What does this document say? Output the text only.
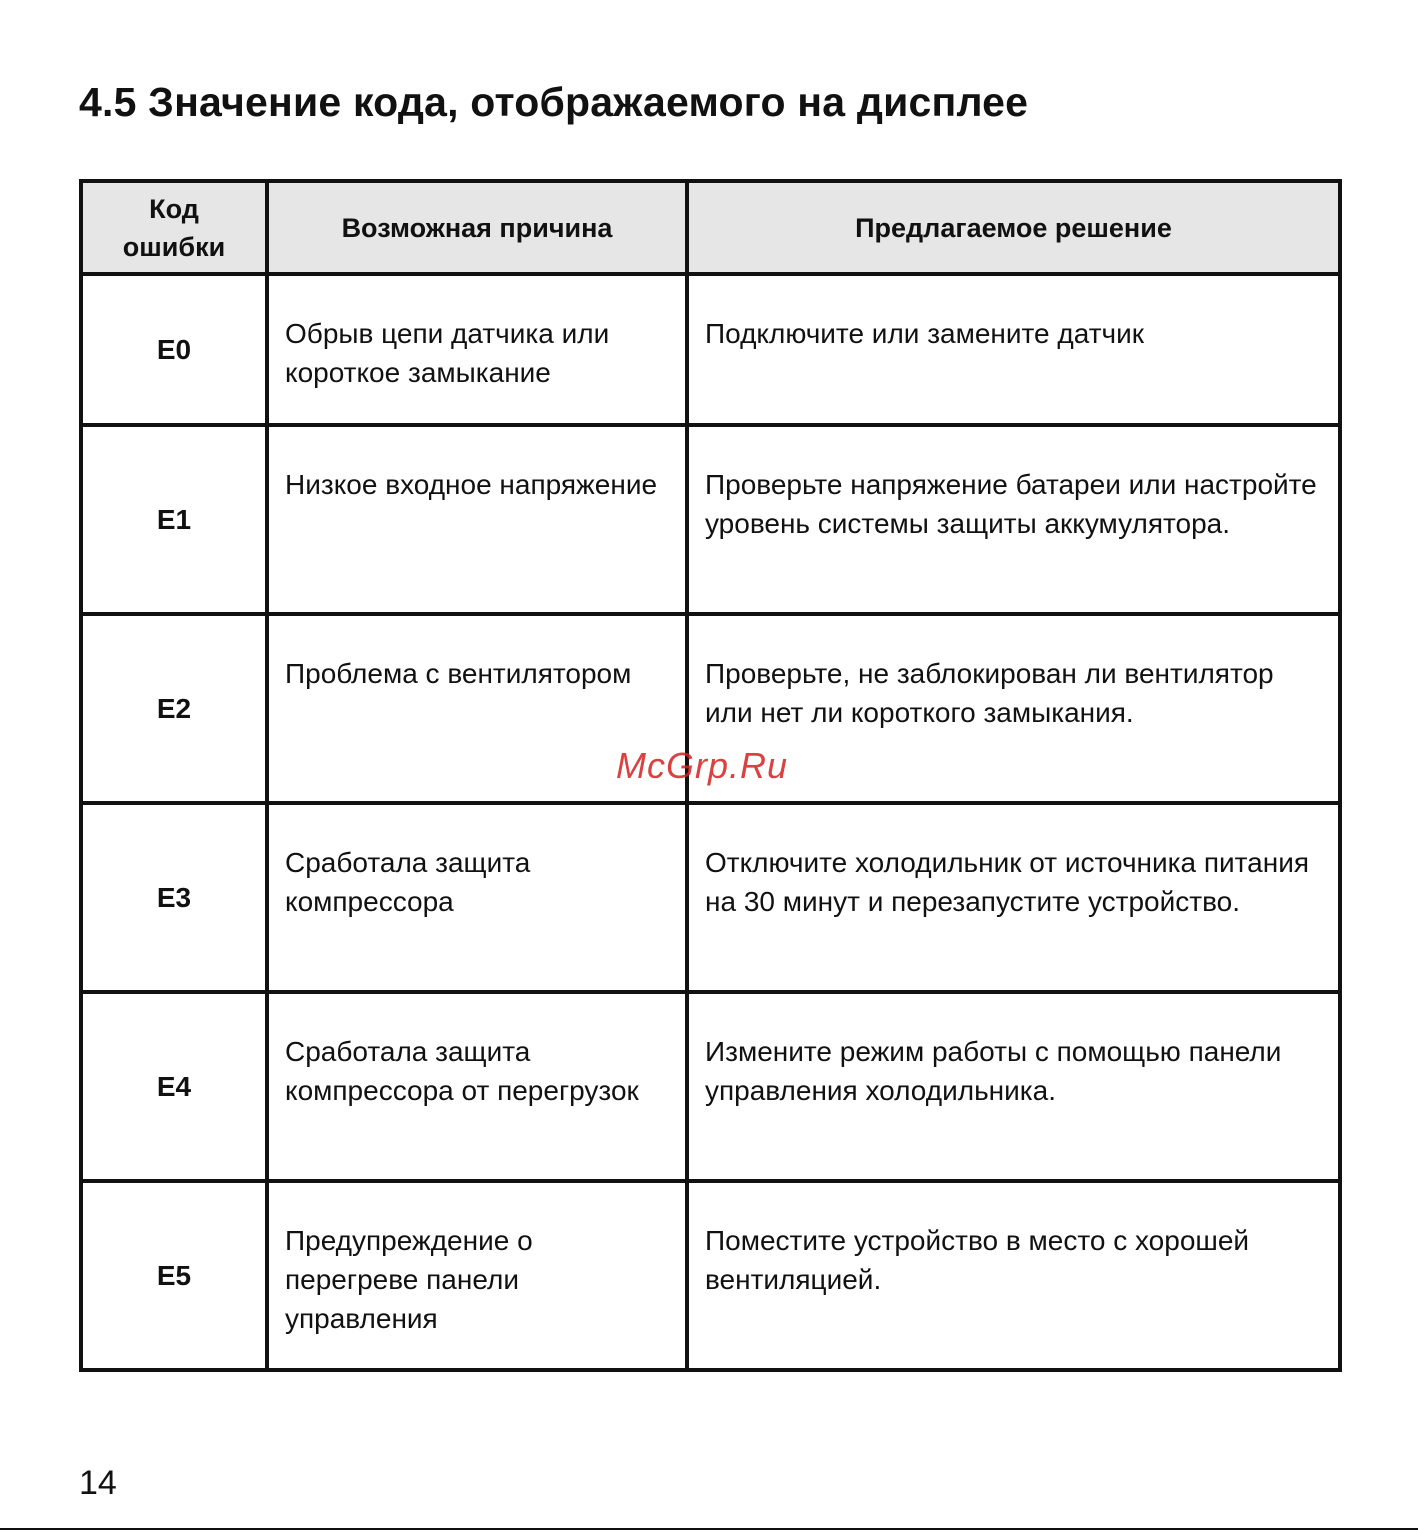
4.5 Значение кода, отображаемого на дисплее
Код ошибки	Возможная причина	Предлагаемое решение
E0	Обрыв цепи датчика или короткое замыкание	Подключите или замените датчик
E1	Низкое входное напряжение	Проверьте напряжение батареи или настройте уровень системы защиты аккумулятора.
E2	Проблема с вентилятором	Проверьте, не заблокирован ли вентилятор или нет ли короткого замыкания.
E3	Сработала защита компрессора	Отключите холодильник от источника питания на 30 минут и перезапустите устройство.
E4	Сработала защита компрессора от перегрузок	Измените режим работы с помощью панели управления холодильника.
E5	Предупреждение о перегреве панели управления	Поместите устройство в место с хорошей вентиляцией.
McGrp.Ru
14
